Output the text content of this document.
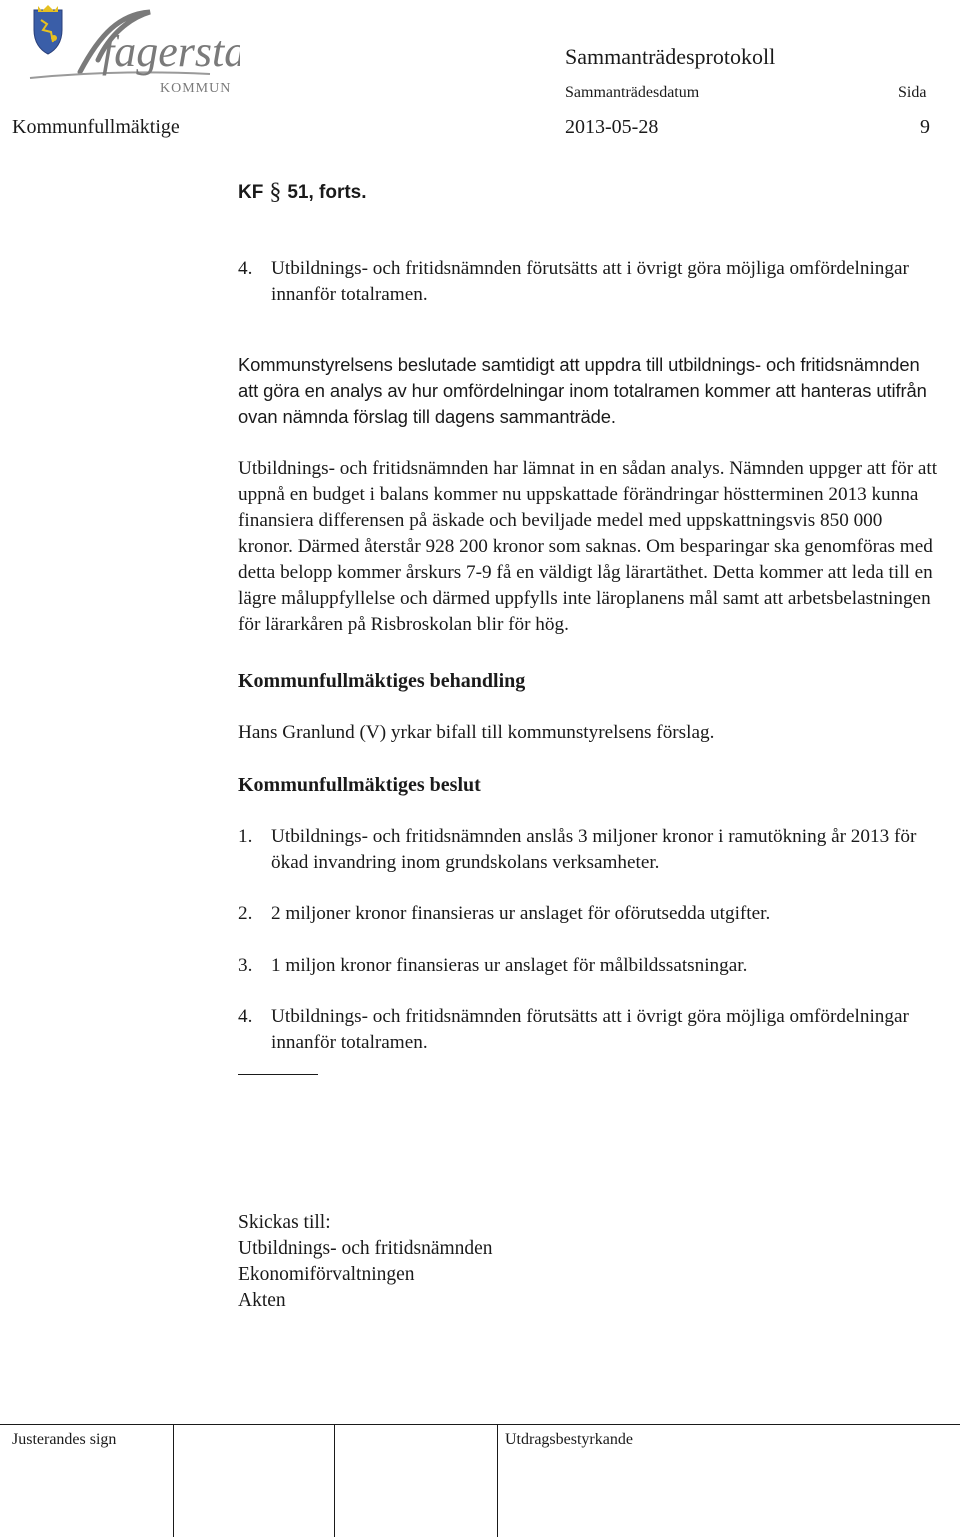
fagersta
KOMMUN
Sammanträdesprotokoll
Sammanträdesdatum	Sida
Kommunfullmäktige	2013-05-28	9
KF § 51, forts.
4. Utbildnings- och fritidsnämnden förutsätts att i övrigt göra möjliga omfördelningar innanför totalramen.

Kommunstyrelsens beslutade samtidigt att uppdra till utbildnings- och fritidsnämnden att göra en analys av hur omfördelningar inom totalramen kommer att hanteras utifrån ovan nämnda förslag till dagens sammanträde.

Utbildnings- och fritidsnämnden har lämnat in en sådan analys. Nämnden uppger att för att uppnå en budget i balans kommer nu uppskattade förändringar höstterminen 2013 kunna finansiera differensen på äskade och beviljade medel med uppskattningsvis 850 000 kronor. Därmed återstår 928 200 kronor som saknas. Om besparingar ska genomföras med detta belopp kommer årskurs 7-9 få en väldigt låg lärartäthet. Detta kommer att leda till en lägre måluppfyllelse och därmed uppfylls inte läroplanens mål samt att arbetsbelastningen för lärarkåren på Risbroskolan blir för hög.

Kommunfullmäktiges behandling
Hans Granlund (V) yrkar bifall till kommunstyrelsens förslag.
Kommunfullmäktiges beslut
1. Utbildnings- och fritidsnämnden anslås 3 miljoner kronor i ramutökning år 2013 för ökad invandring inom grundskolans verksamheter.
2. 2 miljoner kronor finansieras ur anslaget för oförutsedda utgifter.
3. 1 miljon kronor finansieras ur anslaget för målbildssatsningar.
4. Utbildnings- och fritidsnämnden förutsätts att i övrigt göra möjliga omfördelningar innanför totalramen.
Skickas till:
Utbildnings- och fritidsnämnden
Ekonomiförvaltningen
Akten
Justerandes sign	Utdragsbestyrkande
